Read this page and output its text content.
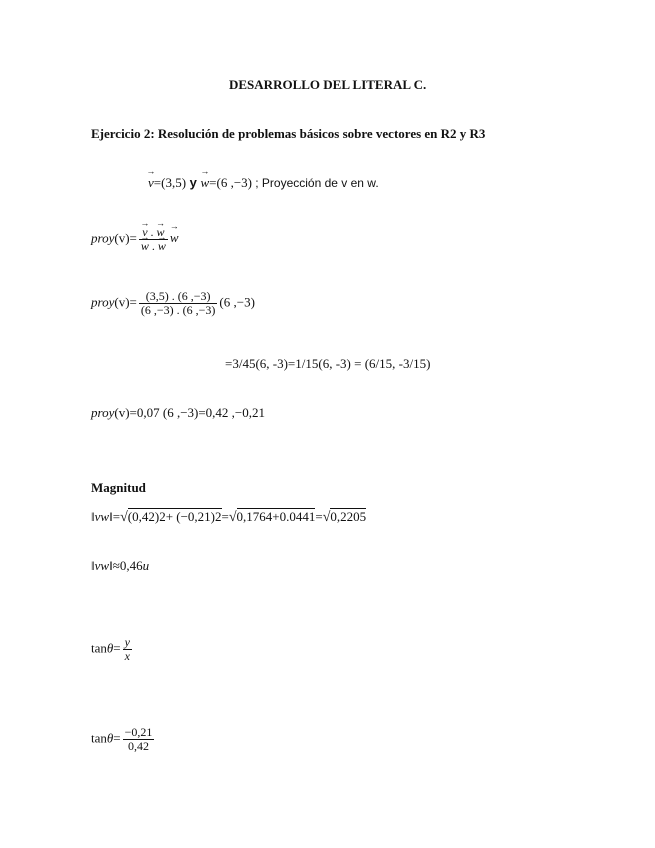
DESARROLLO DEL LITERAL C.
Ejercicio 2: Resolución de problemas básicos sobre vectores en R2 y R3
→ v=(3,5) y → w=(6 ,−3) ; Proyección de v en w.
proy(v)= → v . → w
→ w . → w → w
proy(v)= $\frac{(3,5) . (6 ,-3)}{(6 ,-3) . (6 ,-3)} (6$ ,−3)
=3/45(6, -3)=1/15(6, -3) = (6/15, -3/15)
proy(v)=0,07 (6 ,−3)=0,42 ,−0,21
Magnitud
‖vw‖=√(0,42)2+ (−0,21)2=√0,1764+0.0441=√0,2205
‖vw‖≈0,46u
$\tan\theta= \frac{y}{x}$
$\tan\theta= \frac{-0,21}{0,42}$
